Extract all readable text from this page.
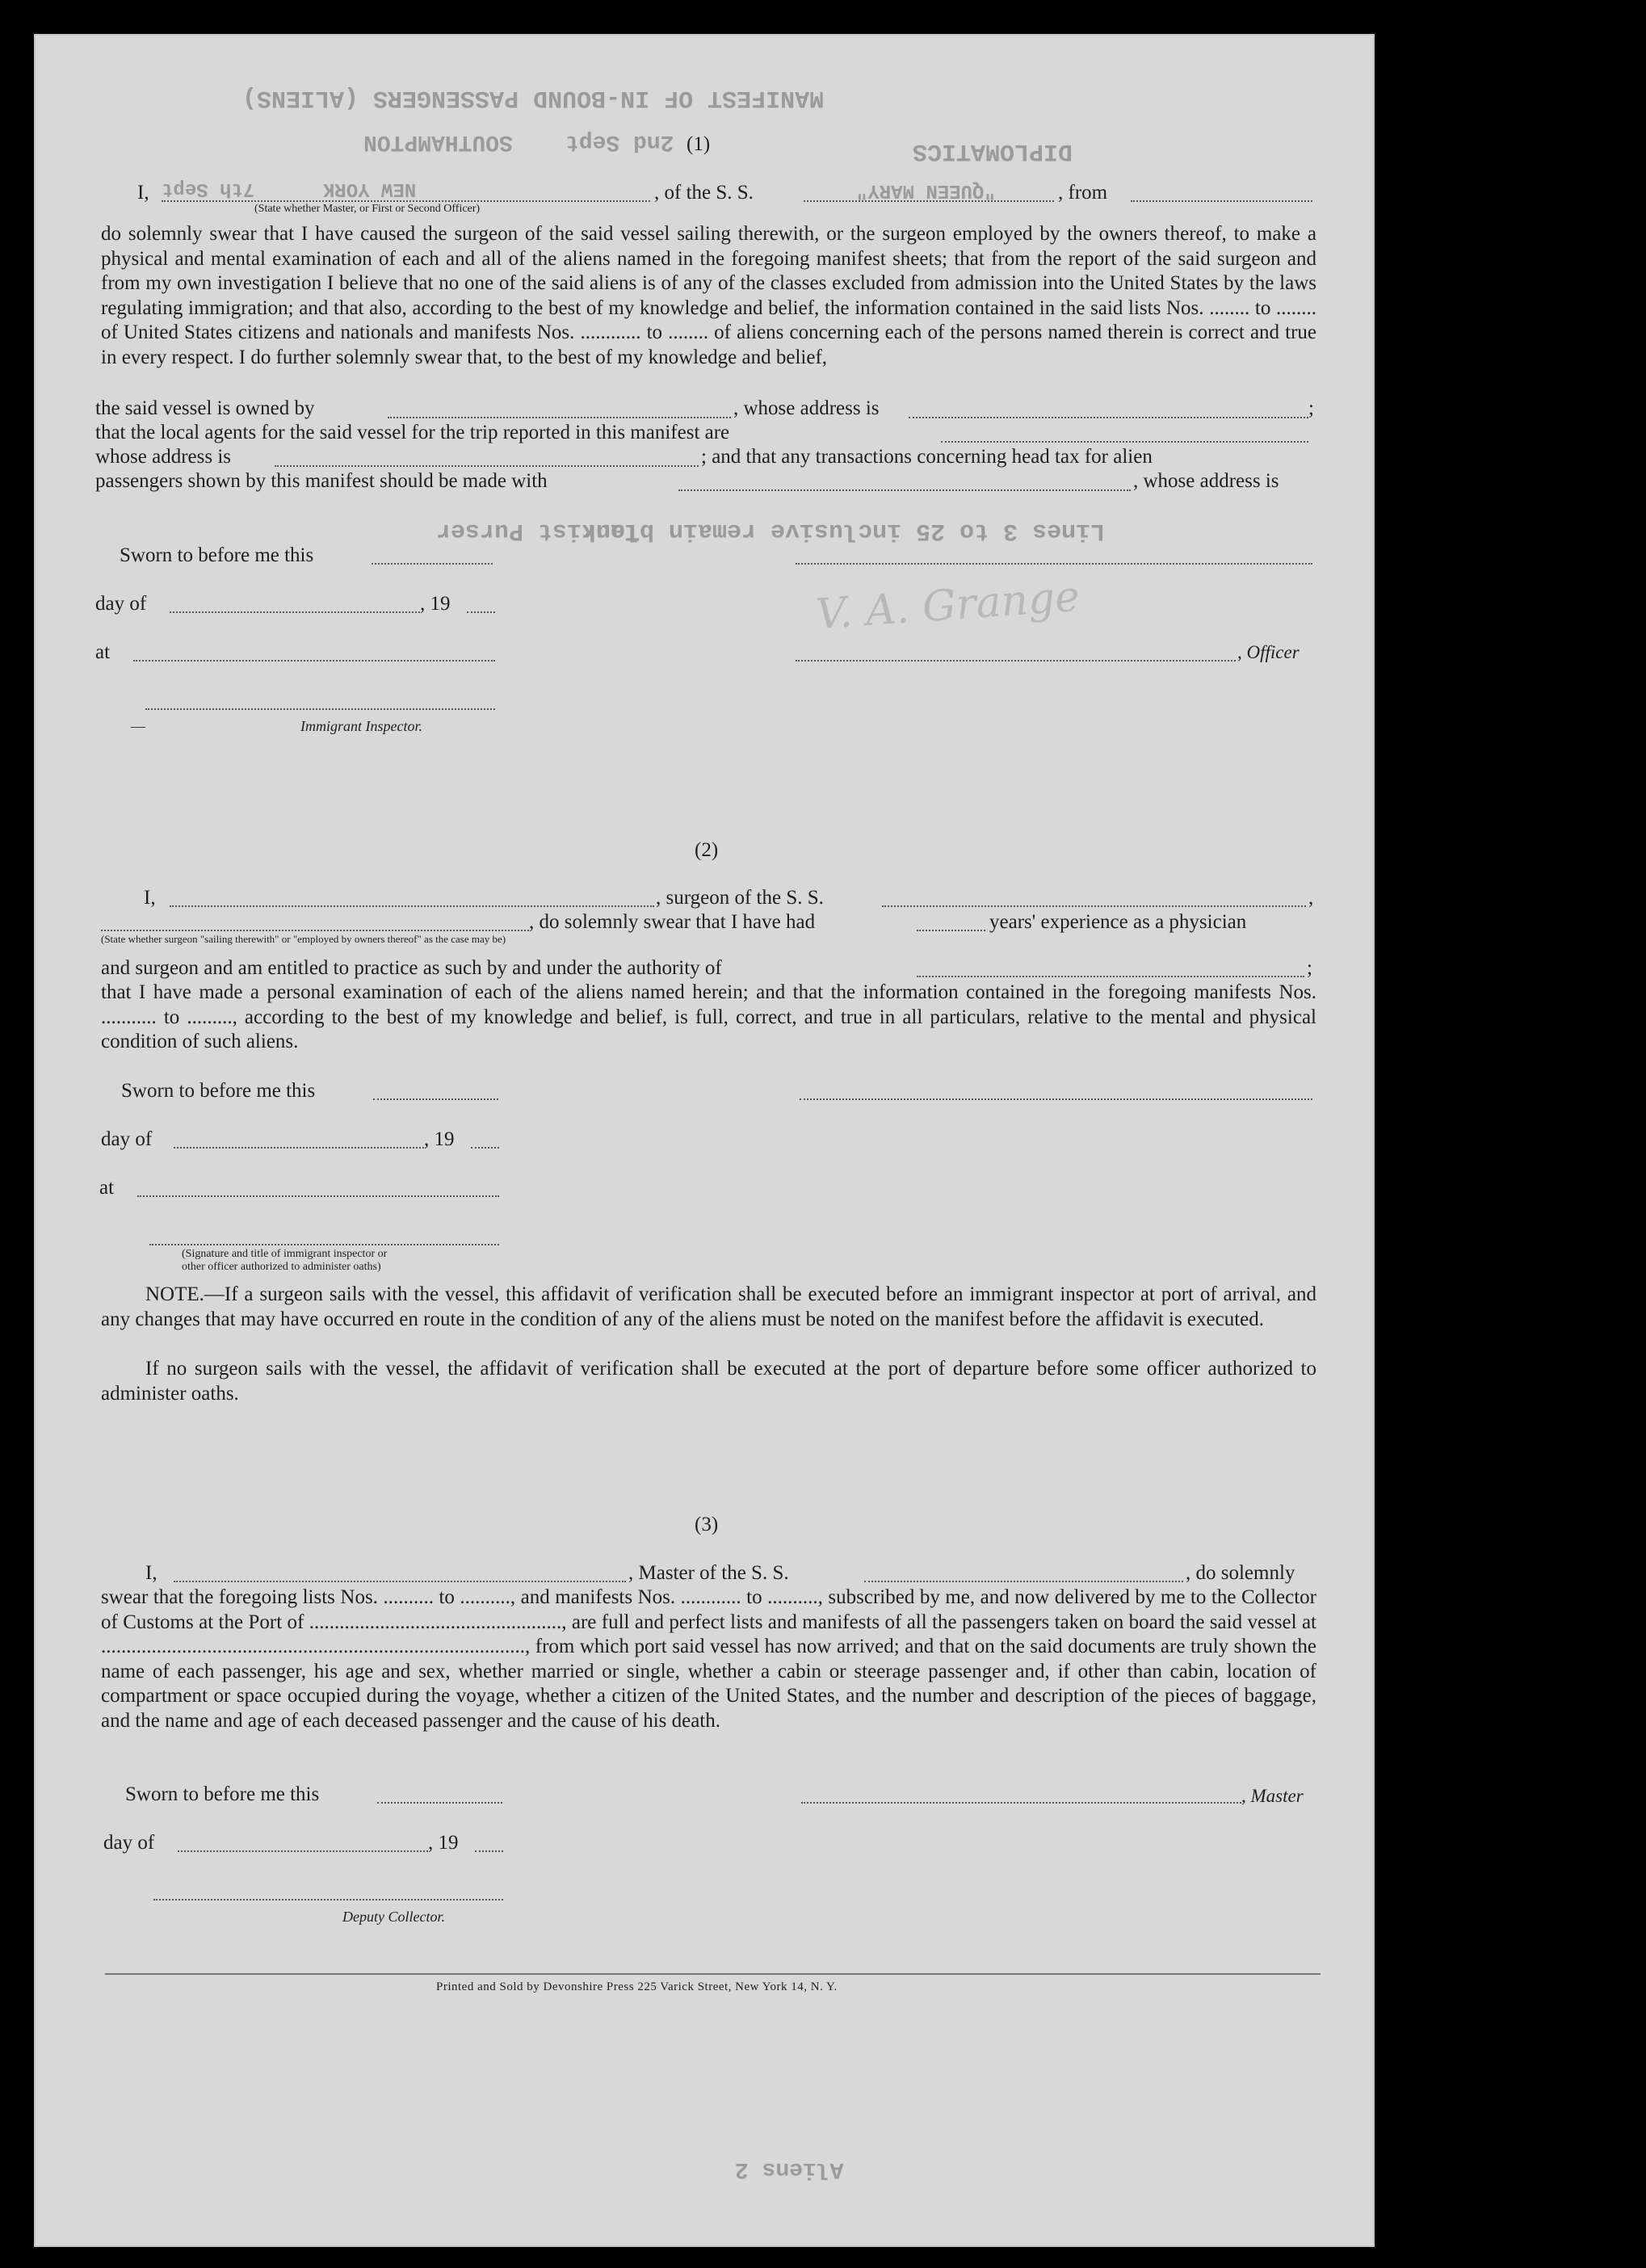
MANIFEST OF IN-BOUND PASSENGERS (ALIENS)
SOUTHAMPTON 2nd Sept	DIPLOMATICS
NEW YORK
7th Sept	"QUEEN MARY"
Lines 3 to 25 inclusive remain blank
Tourist Purser
Aliens 2
(1)
I,	, of the S. S.	, from
(State whether Master, or First or Second Officer)
do solemnly swear that I have caused the surgeon of the said vessel sailing therewith, or the surgeon employed by the owners thereof, to make a physical and mental examination of each and all of the aliens named in the foregoing manifest sheets; that from the report of the said surgeon and from my own investigation I believe that no one of the said aliens is of any of the classes excluded from admission into the United States by the laws regulating immigration; and that also, according to the best of my knowledge and belief, the information contained in the said lists Nos. ........ to ........ of United States citizens and nationals and manifests Nos. ............ to ........ of aliens concerning each of the persons named therein is correct and true in every respect. I do further solemnly swear that, to the best of my knowledge and belief,
the said vessel is owned by	, whose address is	;
that the local agents for the said vessel for the trip reported in this manifest are
whose address is	; and that any transactions concerning head tax for alien
passengers shown by this manifest should be made with	, whose address is
Sworn to before me this
day of	, 19
at	, Officer
V. A. Grange
Immigrant Inspector.
—
(2)
I,	, surgeon of the S. S.	,
, do solemnly swear that I have had	years' experience as a physician
(State whether surgeon "sailing therewith" or "employed by owners thereof" as the case may be)
and surgeon and am entitled to practice as such by and under the authority of	;
that I have made a personal examination of each of the aliens named herein; and that the information contained in the foregoing manifests Nos. ........... to ........., according to the best of my knowledge and belief, is full, correct, and true in all particulars, relative to the mental and physical condition of such aliens.
Sworn to before me this
day of	, 19
at
(Signature and title of immigrant inspector or
other officer authorized to administer oaths)
NOTE.—If a surgeon sails with the vessel, this affidavit of verification shall be executed before an immigrant inspector at port of arrival, and any changes that may have occurred en route in the condition of any of the aliens must be noted on the manifest before the affidavit is executed.
If no surgeon sails with the vessel, the affidavit of verification shall be executed at the port of departure before some officer authorized to administer oaths.
(3)
I,	, Master of the S. S.	, do solemnly
swear that the foregoing lists Nos. .......... to .........., and manifests Nos. ............ to .........., subscribed by me, and now delivered by me to the Collector of Customs at the Port of .................................................., are full and perfect lists and manifests of all the passengers taken on board the said vessel at ...................................................................................., from which port said vessel has now arrived; and that on the said documents are truly shown the name of each passenger, his age and sex, whether married or single, whether a cabin or steerage passenger and, if other than cabin, location of compartment or space occupied during the voyage, whether a citizen of the United States, and the number and description of the pieces of baggage, and the name and age of each deceased passenger and the cause of his death.
Sworn to before me this	, Master
day of	, 19
Deputy Collector.
Printed and Sold by Devonshire Press 225 Varick Street, New York 14, N. Y.
